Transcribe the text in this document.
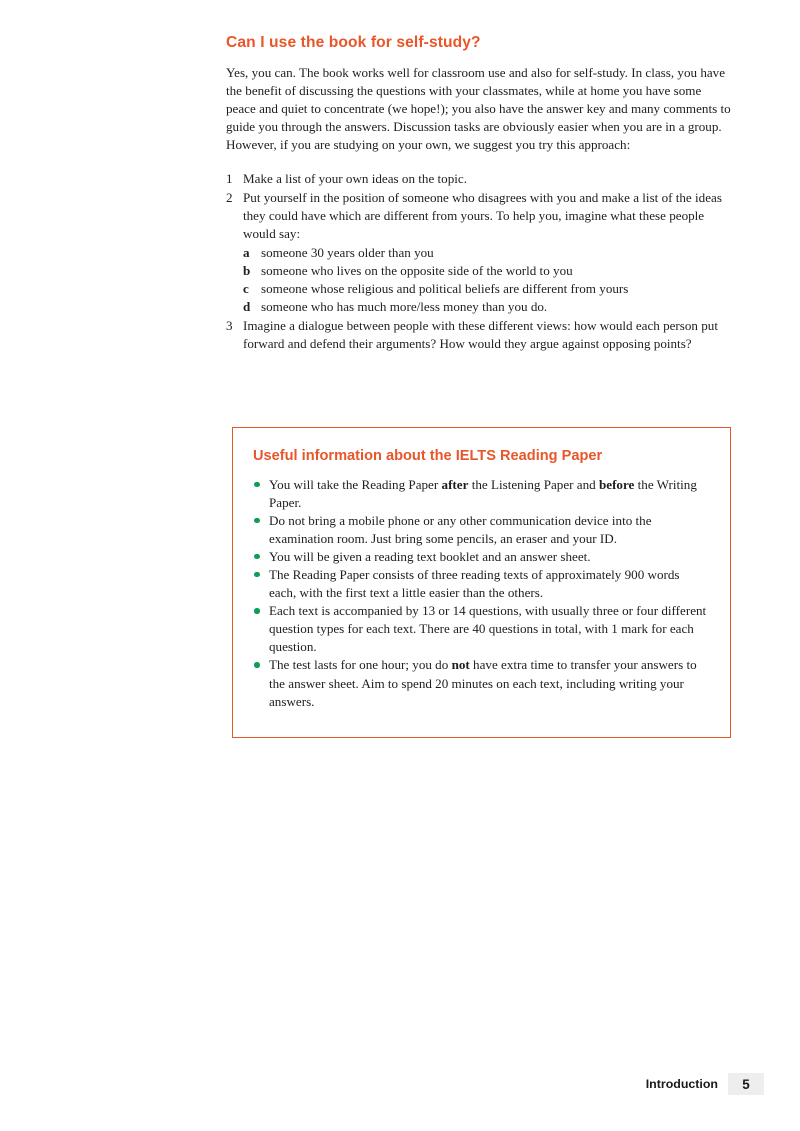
Can I use the book for self-study?

Yes, you can. The book works well for classroom use and also for self-study. In class, you have the benefit of discussing the questions with your classmates, while at home you have some peace and quiet to concentrate (we hope!); you also have the answer key and many comments to guide you through the answers. Discussion tasks are obviously easier when you are in a group. However, if you are studying on your own, we suggest you try this approach:

1 Make a list of your own ideas on the topic.
2 Put yourself in the position of someone who disagrees with you and make a list of the ideas they could have which are different from yours. To help you, imagine what these people would say:
a someone 30 years older than you
b someone who lives on the opposite side of the world to you
c someone whose religious and political beliefs are different from yours
d someone who has much more/less money than you do.
3 Imagine a dialogue between people with these different views: how would each person put forward and defend their arguments? How would they argue against opposing points?
Useful information about the IELTS Reading Paper
You will take the Reading Paper after the Listening Paper and before the Writing Paper.
Do not bring a mobile phone or any other communication device into the examination room. Just bring some pencils, an eraser and your ID.
You will be given a reading text booklet and an answer sheet.
The Reading Paper consists of three reading texts of approximately 900 words each, with the first text a little easier than the others.
Each text is accompanied by 13 or 14 questions, with usually three or four different question types for each text. There are 40 questions in total, with 1 mark for each question.
The test lasts for one hour; you do not have extra time to transfer your answers to the answer sheet. Aim to spend 20 minutes on each text, including writing your answers.
Introduction	5
